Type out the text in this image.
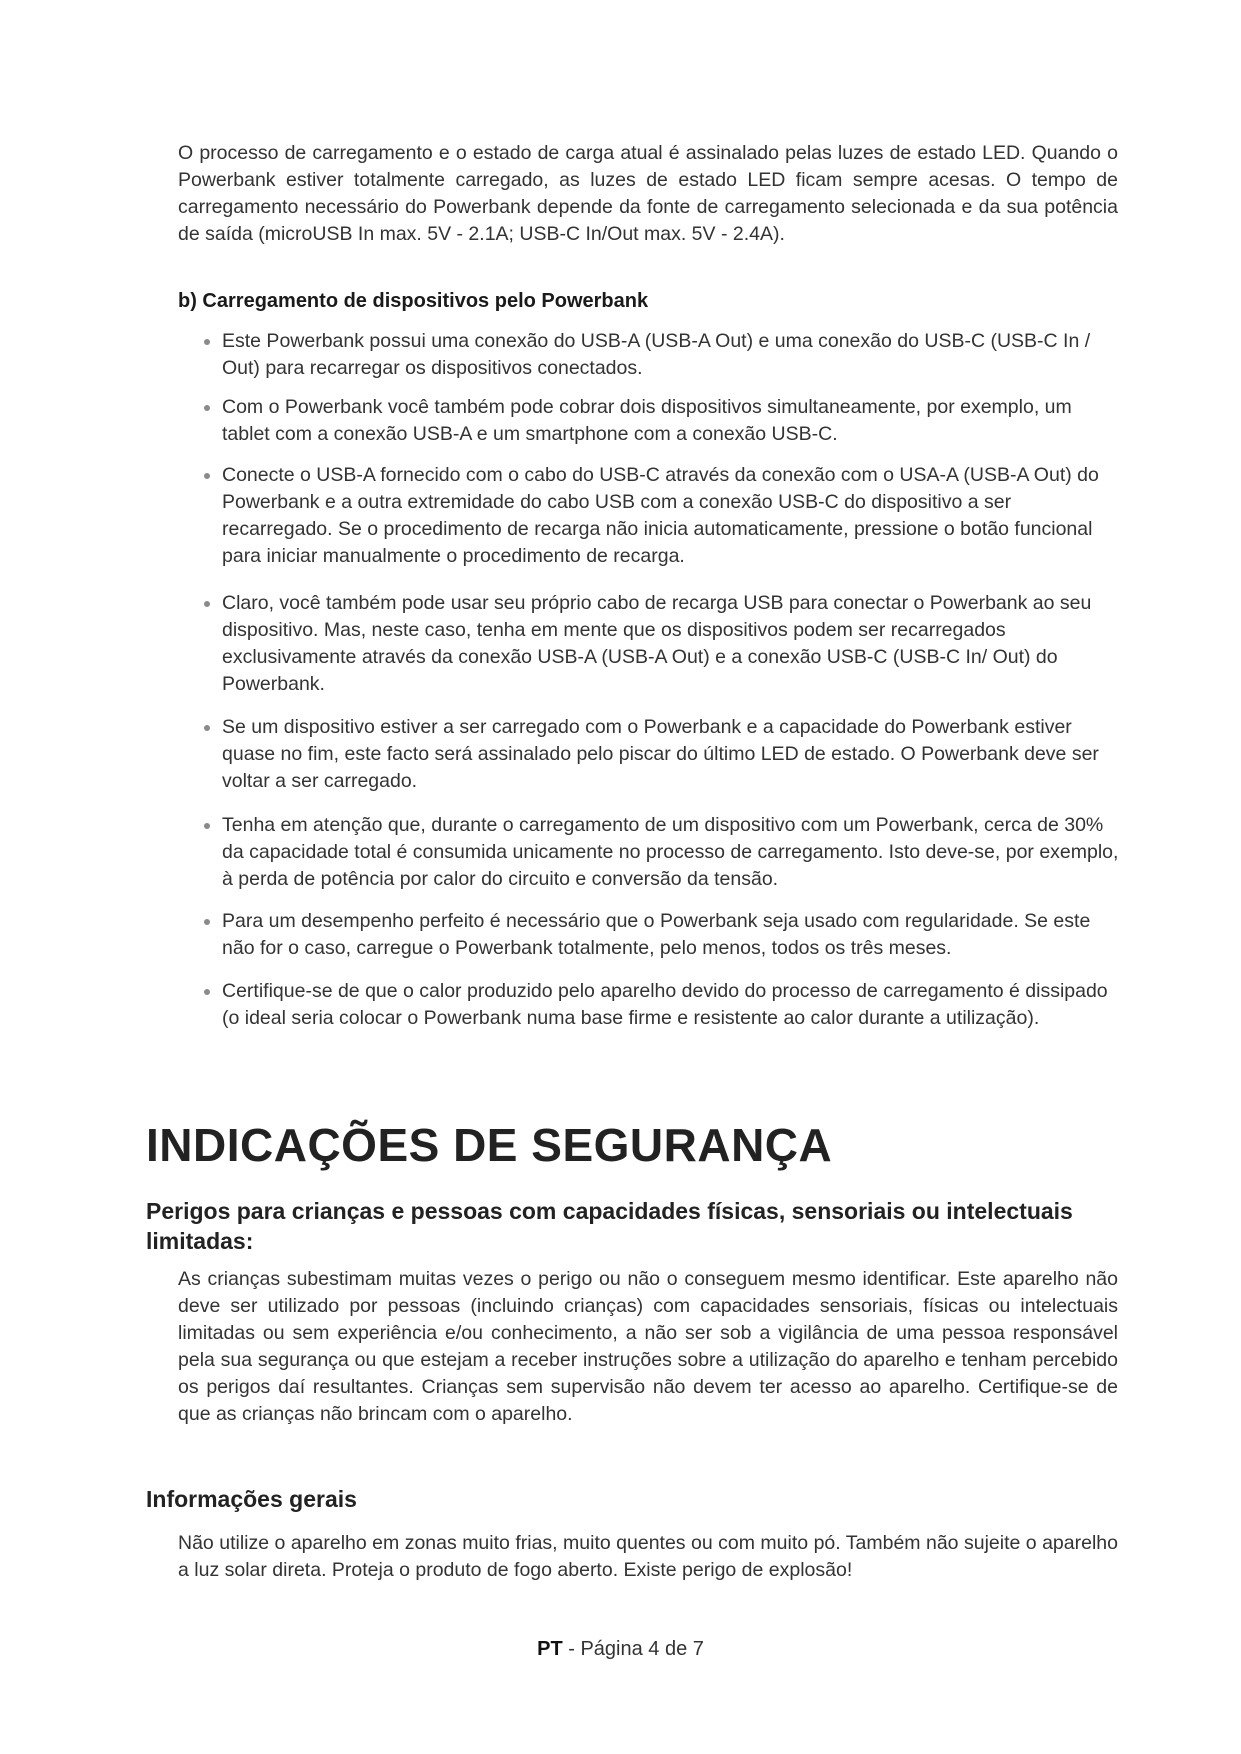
O processo de carregamento e o estado de carga atual é assinalado pelas luzes de estado LED. Quando o Powerbank estiver totalmente carregado, as luzes de estado LED ficam sempre acesas. O tempo de carregamento necessário do Powerbank depende da fonte de carregamento selecionada e da sua potência de saída (microUSB In max. 5V - 2.1A; USB-C In/Out max. 5V - 2.4A).

b) Carregamento de dispositivos pelo Powerbank
Este Powerbank possui uma conexão do USB-A (USB-A Out) e uma conexão do USB-C (USB-C In / Out) para recarregar os dispositivos conectados.
Com o Powerbank você também pode cobrar dois dispositivos simultaneamente, por exemplo, um tablet com a conexão USB-A e um smartphone com a conexão USB-C.
Conecte o USB-A fornecido com o cabo do USB-C através da conexão com o USA-A (USB-A Out) do Powerbank e a outra extremidade do cabo USB com a conexão USB-C do dispositivo a ser recarregado. Se o procedimento de recarga não inicia automaticamente, pressione o botão funcional para iniciar manualmente o procedimento de recarga.
Claro, você também pode usar seu próprio cabo de recarga USB para conectar o Powerbank ao seu dispositivo. Mas, neste caso, tenha em mente que os dispositivos podem ser recarregados exclusivamente através da conexão USB-A (USB-A Out) e a conexão USB-C (USB-C In/ Out) do Powerbank.
Se um dispositivo estiver a ser carregado com o Powerbank e a capacidade do Powerbank estiver quase no fim, este facto será assinalado pelo piscar do último LED de estado. O Powerbank deve ser voltar a ser carregado.
Tenha em atenção que, durante o carregamento de um dispositivo com um Powerbank, cerca de 30% da capacidade total é consumida unicamente no processo de carregamento. Isto deve-se, por exemplo, à perda de potência por calor do circuito e conversão da tensão.
Para um desempenho perfeito é necessário que o Powerbank seja usado com regularidade. Se este não for o caso, carregue o Powerbank totalmente, pelo menos, todos os três meses.
Certifique-se de que o calor produzido pelo aparelho devido do processo de carregamento é dissipado (o ideal seria colocar o Powerbank numa base firme e resistente ao calor durante a utilização).
INDICAÇÕES DE SEGURANÇA
Perigos para crianças e pessoas com capacidades físicas, sensoriais ou intelectuais limitadas:

As crianças subestimam muitas vezes o perigo ou não o conseguem mesmo identificar. Este aparelho não deve ser utilizado por pessoas (incluindo crianças) com capacidades sensoriais, físicas ou intelectuais limitadas ou sem experiência e/ou conhecimento, a não ser sob a vigilância de uma pessoa responsável pela sua segurança ou que estejam a receber instruções sobre a utilização do aparelho e tenham percebido os perigos daí resultantes. Crianças sem supervisão não devem ter acesso ao aparelho. Certifique-se de que as crianças não brincam com o aparelho.

Informações gerais

Não utilize o aparelho em zonas muito frias, muito quentes ou com muito pó. Também não sujeite o aparelho a luz solar direta. Proteja o produto de fogo aberto. Existe perigo de explosão!

PT - Página 4 de 7
